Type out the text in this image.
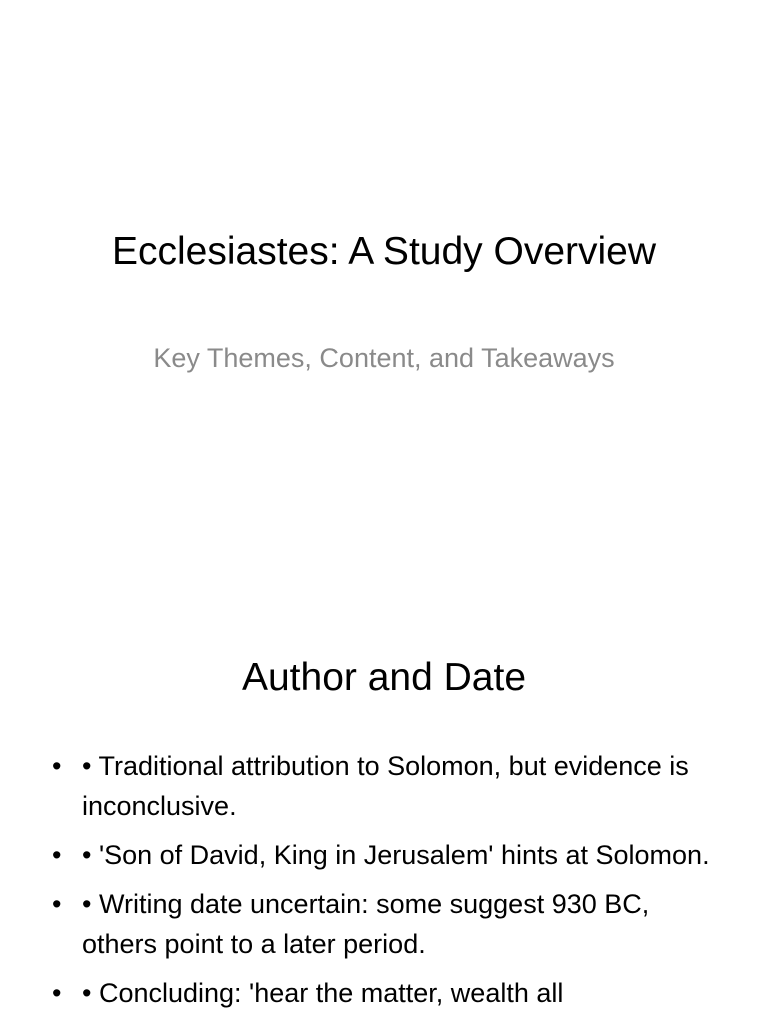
Ecclesiastes: A Study Overview
Key Themes, Content, and Takeaways
Author and Date
• • Traditional attribution to Solomon, but evidence is inconclusive.
• • 'Son of David, King in Jerusalem' hints at Solomon.
• • Writing date uncertain: some suggest 930 BC, others point to a later period.
• • Concluding: 'hear the matter, wealth all
